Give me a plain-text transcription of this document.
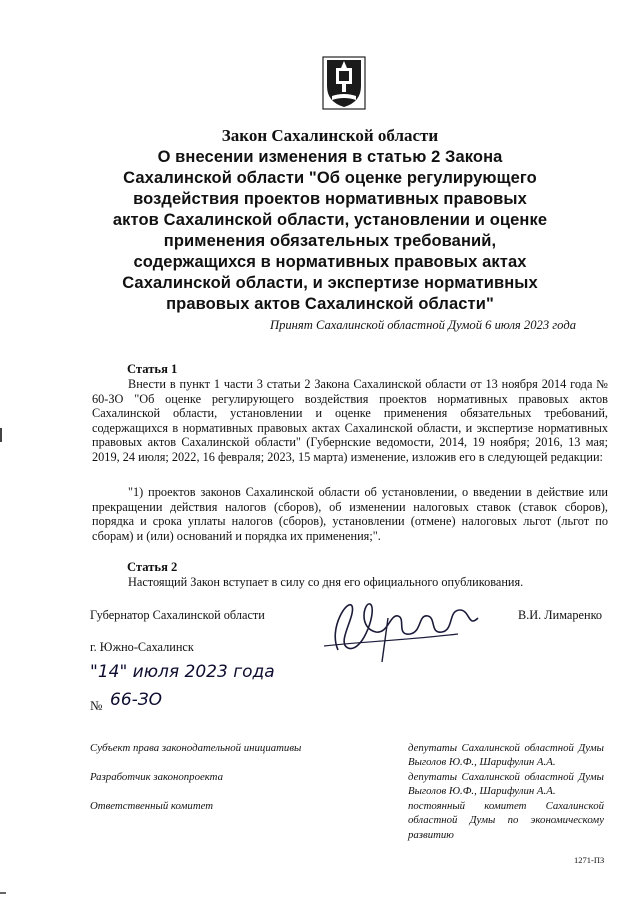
Закон Сахалинской области
О внесении изменения в статью 2 Закона
Сахалинской области "Об оценке регулирующего
воздействия проектов нормативных правовых
актов Сахалинской области, установлении и оценке
применения обязательных требований,
содержащихся в нормативных правовых актах
Сахалинской области, и экспертизе нормативных
правовых актов Сахалинской области"
Принят Сахалинской областной Думой 6 июля 2023 года
Статья 1

Внести в пункт 1 части 3 статьи 2 Закона Сахалинской области от 13 ноября 2014 года № 60-ЗО "Об оценке регулирующего воздействия проектов нормативных правовых актов Сахалинской области, установлении и оценке применения обязательных требований, содержащихся в нормативных правовых актах Сахалинской области, и экспертизе нормативных правовых актов Сахалинской области" (Губернские ведомости, 2014, 19 ноября; 2016, 13 мая; 2019, 24 июля; 2022, 16 февраля; 2023, 15 марта) изменение, изложив его в следующей редакции:

"1) проектов законов Сахалинской области об установлении, о введении в действие или прекращении действия налогов (сборов), об изменении налоговых ставок (ставок сборов), порядка и срока уплаты налогов (сборов), установлении (отмене) налоговых льгот (льгот по сборам) и (или) оснований и порядка их применения;".

Статья 2

Настоящий Закон вступает в силу со дня его официального опубликования.

Губернатор Сахалинской области	В.И. Лимаренко
г. Южно-Сахалинск
"14" июля 2023 года
№ 66-ЗО
Субъект права законодательной инициативы	депутаты Сахалинской областной Думы Выголов Ю.Ф., Шарифулин А.А.
Разработчик законопроекта	депутаты Сахалинской областной Думы Выголов Ю.Ф., Шарифулин А.А.
Ответственный комитет	постоянный комитет Сахалинской областной Думы по экономическому развитию
1271-ПЗ
